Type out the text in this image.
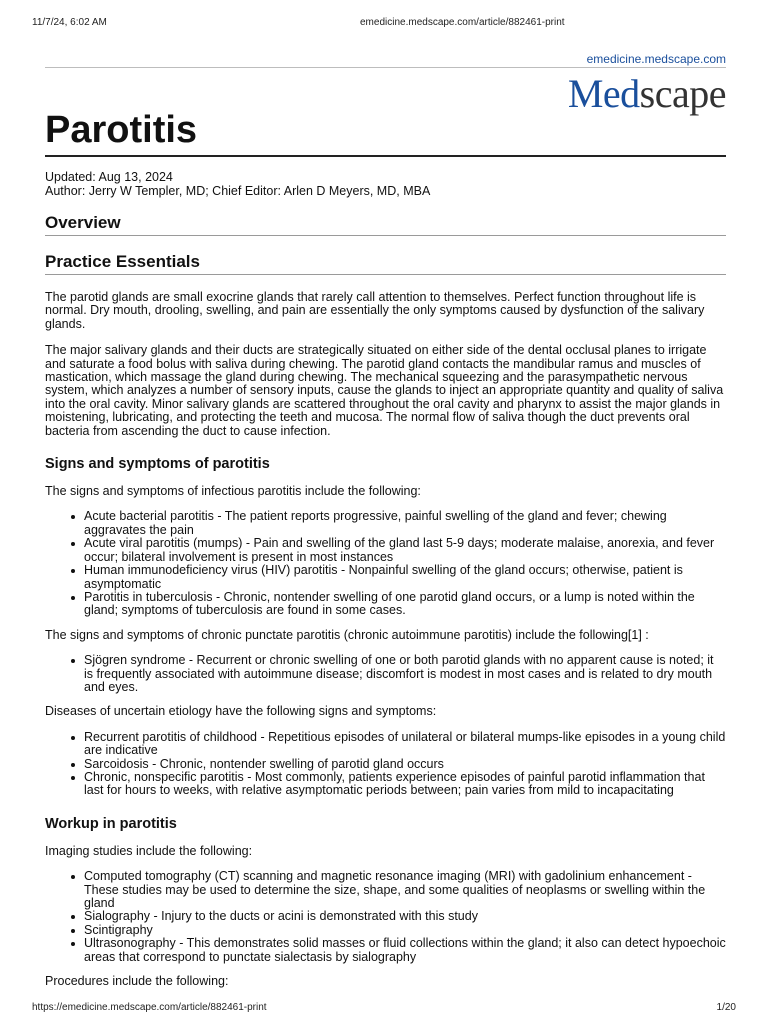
11/7/24, 6:02 AM	emedicine.medscape.com/article/882461-print
emedicine.medscape.com
Medscape
Parotitis
Updated: Aug 13, 2024
Author: Jerry W Templer, MD; Chief Editor: Arlen D Meyers, MD, MBA
Overview
Practice Essentials

The parotid glands are small exocrine glands that rarely call attention to themselves. Perfect function throughout life is normal. Dry mouth, drooling, swelling, and pain are essentially the only symptoms caused by dysfunction of the salivary glands.

The major salivary glands and their ducts are strategically situated on either side of the dental occlusal planes to irrigate and saturate a food bolus with saliva during chewing. The parotid gland contacts the mandibular ramus and muscles of mastication, which massage the gland during chewing. The mechanical squeezing and the parasympathetic nervous system, which analyzes a number of sensory inputs, cause the glands to inject an appropriate quantity and quality of saliva into the oral cavity. Minor salivary glands are scattered throughout the oral cavity and pharynx to assist the major glands in moistening, lubricating, and protecting the teeth and mucosa. The normal flow of saliva though the duct prevents oral bacteria from ascending the duct to cause infection.

Signs and symptoms of parotitis

The signs and symptoms of infectious parotitis include the following:

Acute bacterial parotitis - The patient reports progressive, painful swelling of the gland and fever; chewing aggravates the pain
Acute viral parotitis (mumps) - Pain and swelling of the gland last 5-9 days; moderate malaise, anorexia, and fever occur; bilateral involvement is present in most instances
Human immunodeficiency virus (HIV) parotitis - Nonpainful swelling of the gland occurs; otherwise, patient is asymptomatic
Parotitis in tuberculosis - Chronic, nontender swelling of one parotid gland occurs, or a lump is noted within the gland; symptoms of tuberculosis are found in some cases.

The signs and symptoms of chronic punctate parotitis (chronic autoimmune parotitis) include the following[1] :

Sjögren syndrome - Recurrent or chronic swelling of one or both parotid glands with no apparent cause is noted; it is frequently associated with autoimmune disease; discomfort is modest in most cases and is related to dry mouth and eyes.

Diseases of uncertain etiology have the following signs and symptoms:

Recurrent parotitis of childhood - Repetitious episodes of unilateral or bilateral mumps-like episodes in a young child are indicative
Sarcoidosis - Chronic, nontender swelling of parotid gland occurs
Chronic, nonspecific parotitis - Most commonly, patients experience episodes of painful parotid inflammation that last for hours to weeks, with relative asymptomatic periods between; pain varies from mild to incapacitating
Workup in parotitis

Imaging studies include the following:

Computed tomography (CT) scanning and magnetic resonance imaging (MRI) with gadolinium enhancement - These studies may be used to determine the size, shape, and some qualities of neoplasms or swelling within the gland
Sialography - Injury to the ducts or acini is demonstrated with this study
Scintigraphy
Ultrasonography - This demonstrates solid masses or fluid collections within the gland; it also can detect hypoechoic areas that correspond to punctate sialectasis by sialography

Procedures include the following:

https://emedicine.medscape.com/article/882461-print	1/20
